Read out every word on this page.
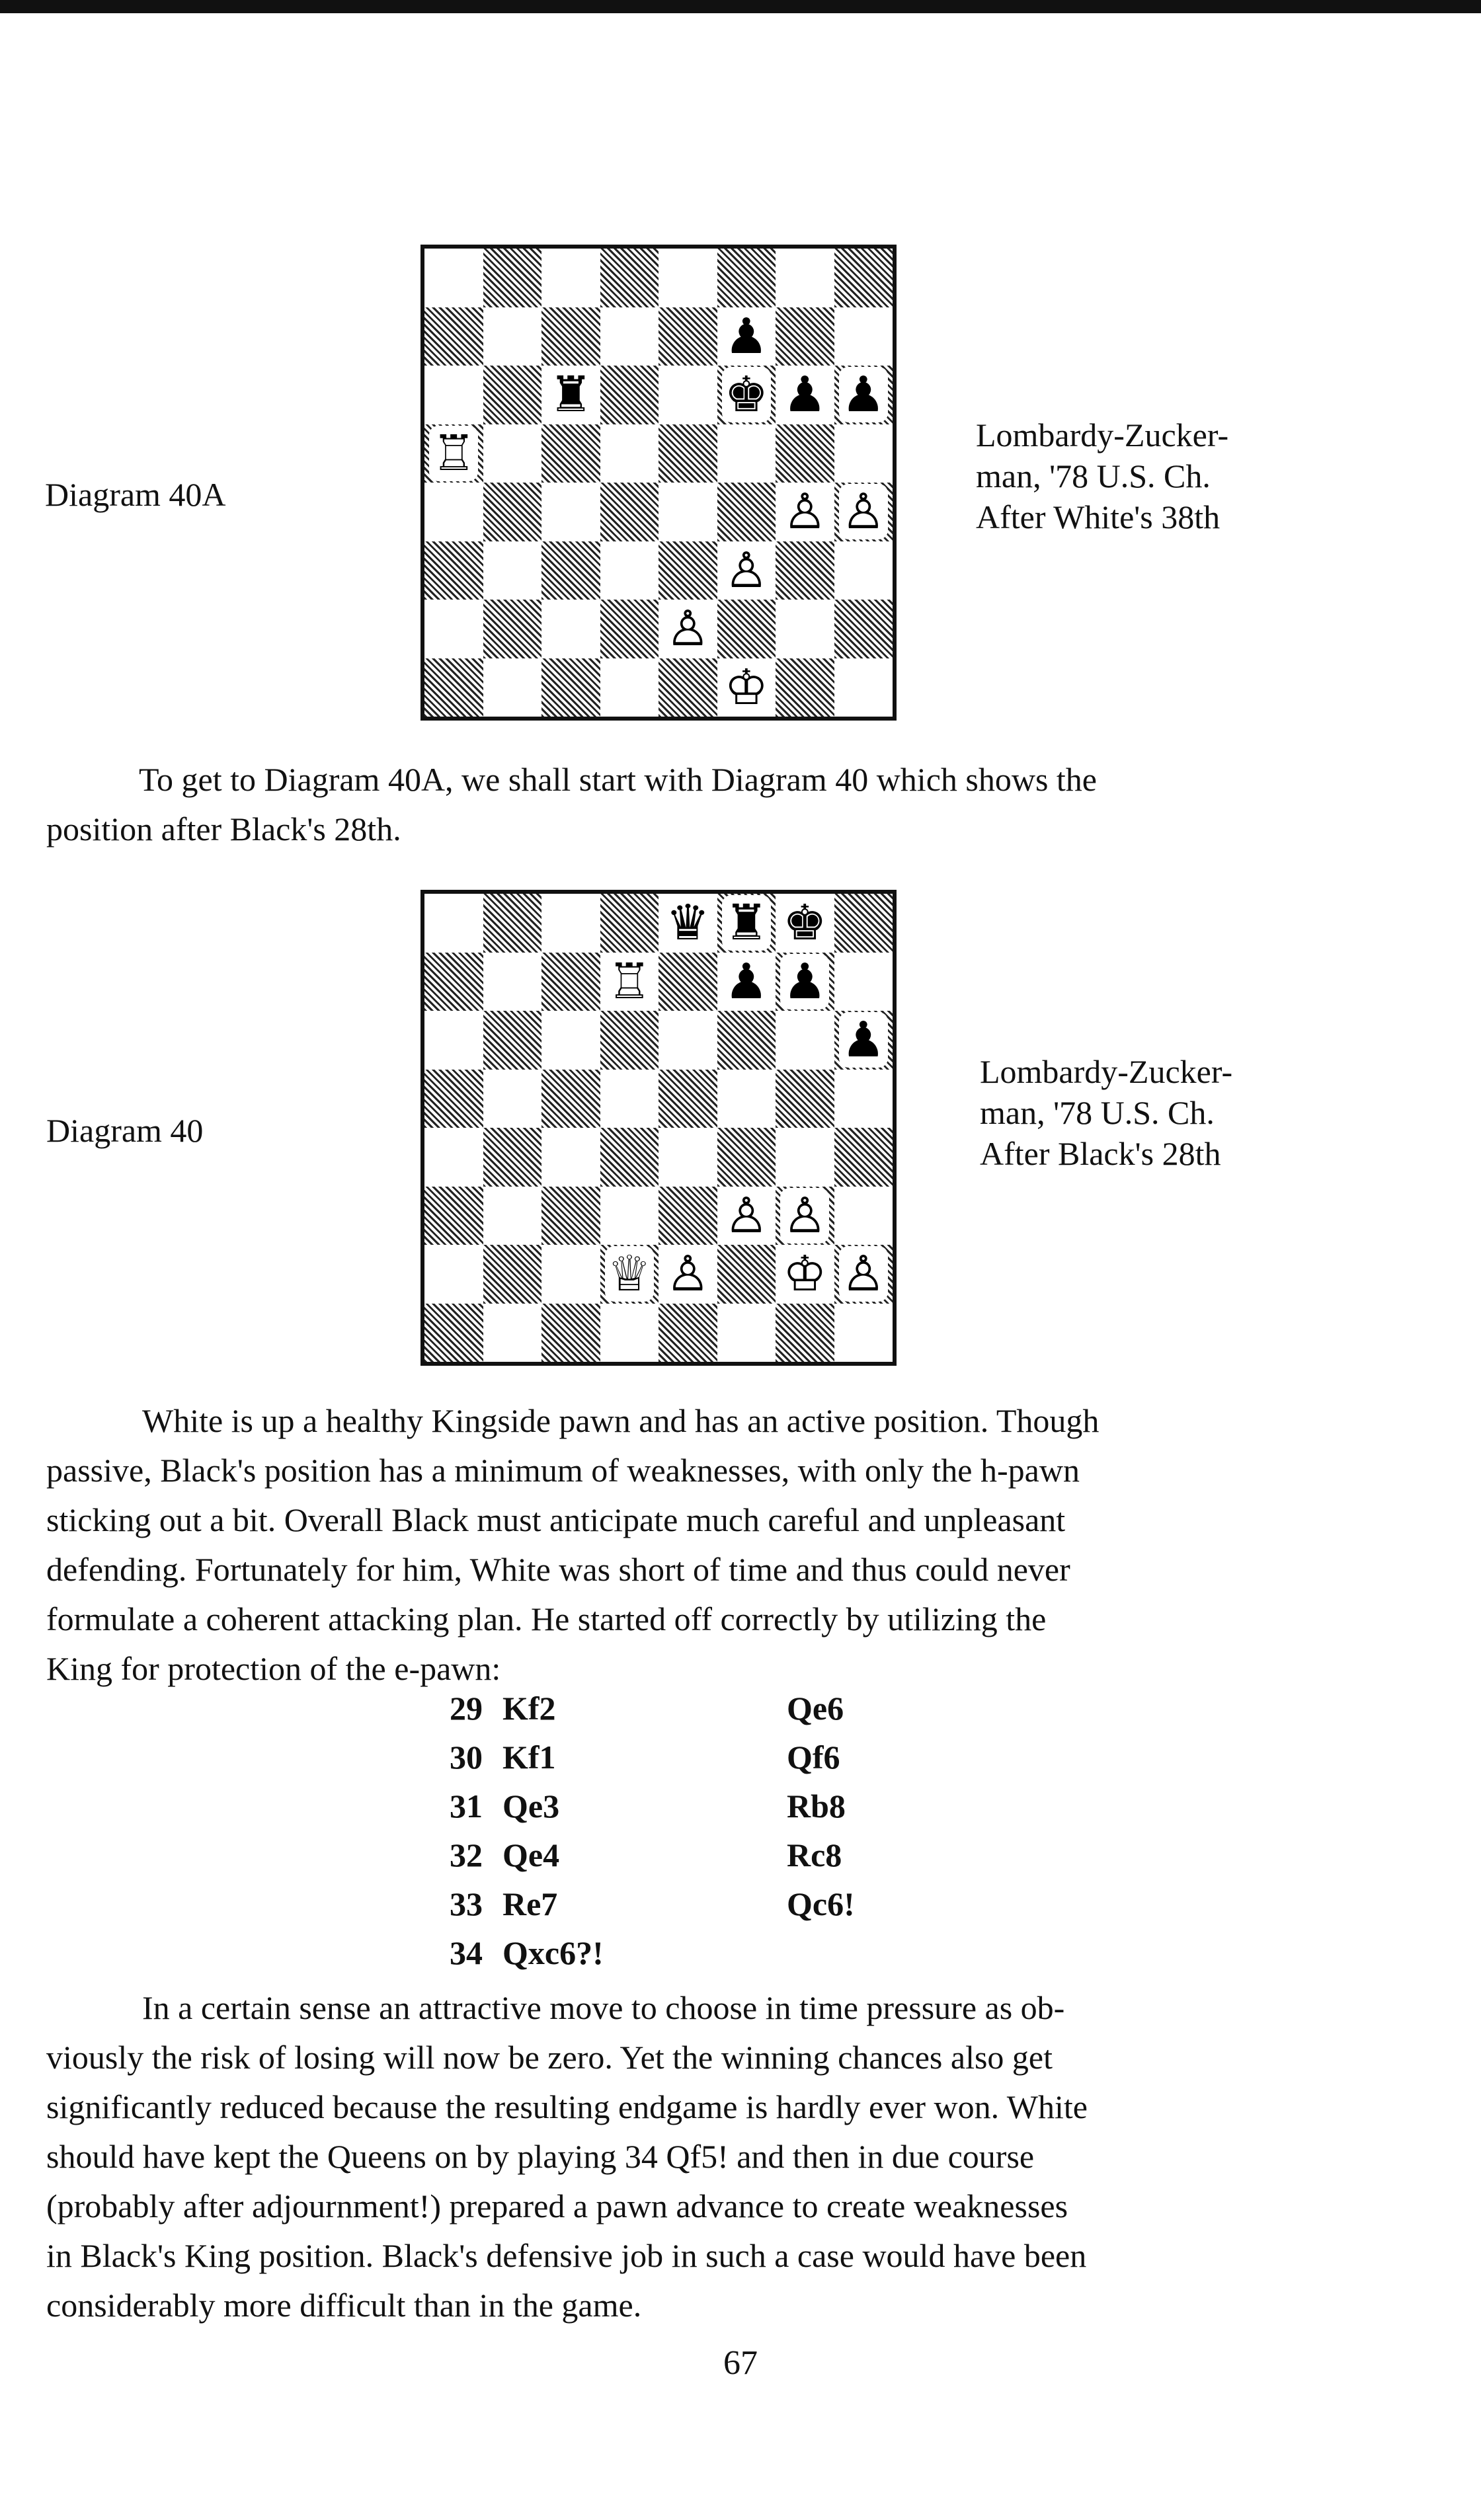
Diagram 40A
♟
♜	♚ ♟ ♟
♖
♙ ♙
♙
♙
♔
Lombardy-Zucker-
man, '78 U.S. Ch.
After White's 38th
To get to Diagram 40A, we shall start with Diagram 40 which shows the
position after Black's 28th.
Diagram 40
♛ ♜ ♚
♖ ♟ ♟
♟
♙ ♙
♕ ♙ ♔ ♙
Lombardy-Zucker-
man, '78 U.S. Ch.
After Black's 28th
White is up a healthy Kingside pawn and has an active position. Though
passive, Black's position has a minimum of weaknesses, with only the h-pawn
sticking out a bit. Overall Black must anticipate much careful and unpleasant
defending. Fortunately for him, White was short of time and thus could never
formulate a coherent attacking plan. He started off correctly by utilizing the
King for protection of the e-pawn:
29 Kf2	Qe6
30 Kf1	Qf6
31 Qe3	Rb8
32 Qe4	Rc8
33 Re7	Qc6!
34 Qxc6?!
In a certain sense an attractive move to choose in time pressure as ob-
viously the risk of losing will now be zero. Yet the winning chances also get
significantly reduced because the resulting endgame is hardly ever won. White
should have kept the Queens on by playing 34 Qf5! and then in due course
(probably after adjournment!) prepared a pawn advance to create weaknesses
in Black's King position. Black's defensive job in such a case would have been
considerably more difficult than in the game.
67
